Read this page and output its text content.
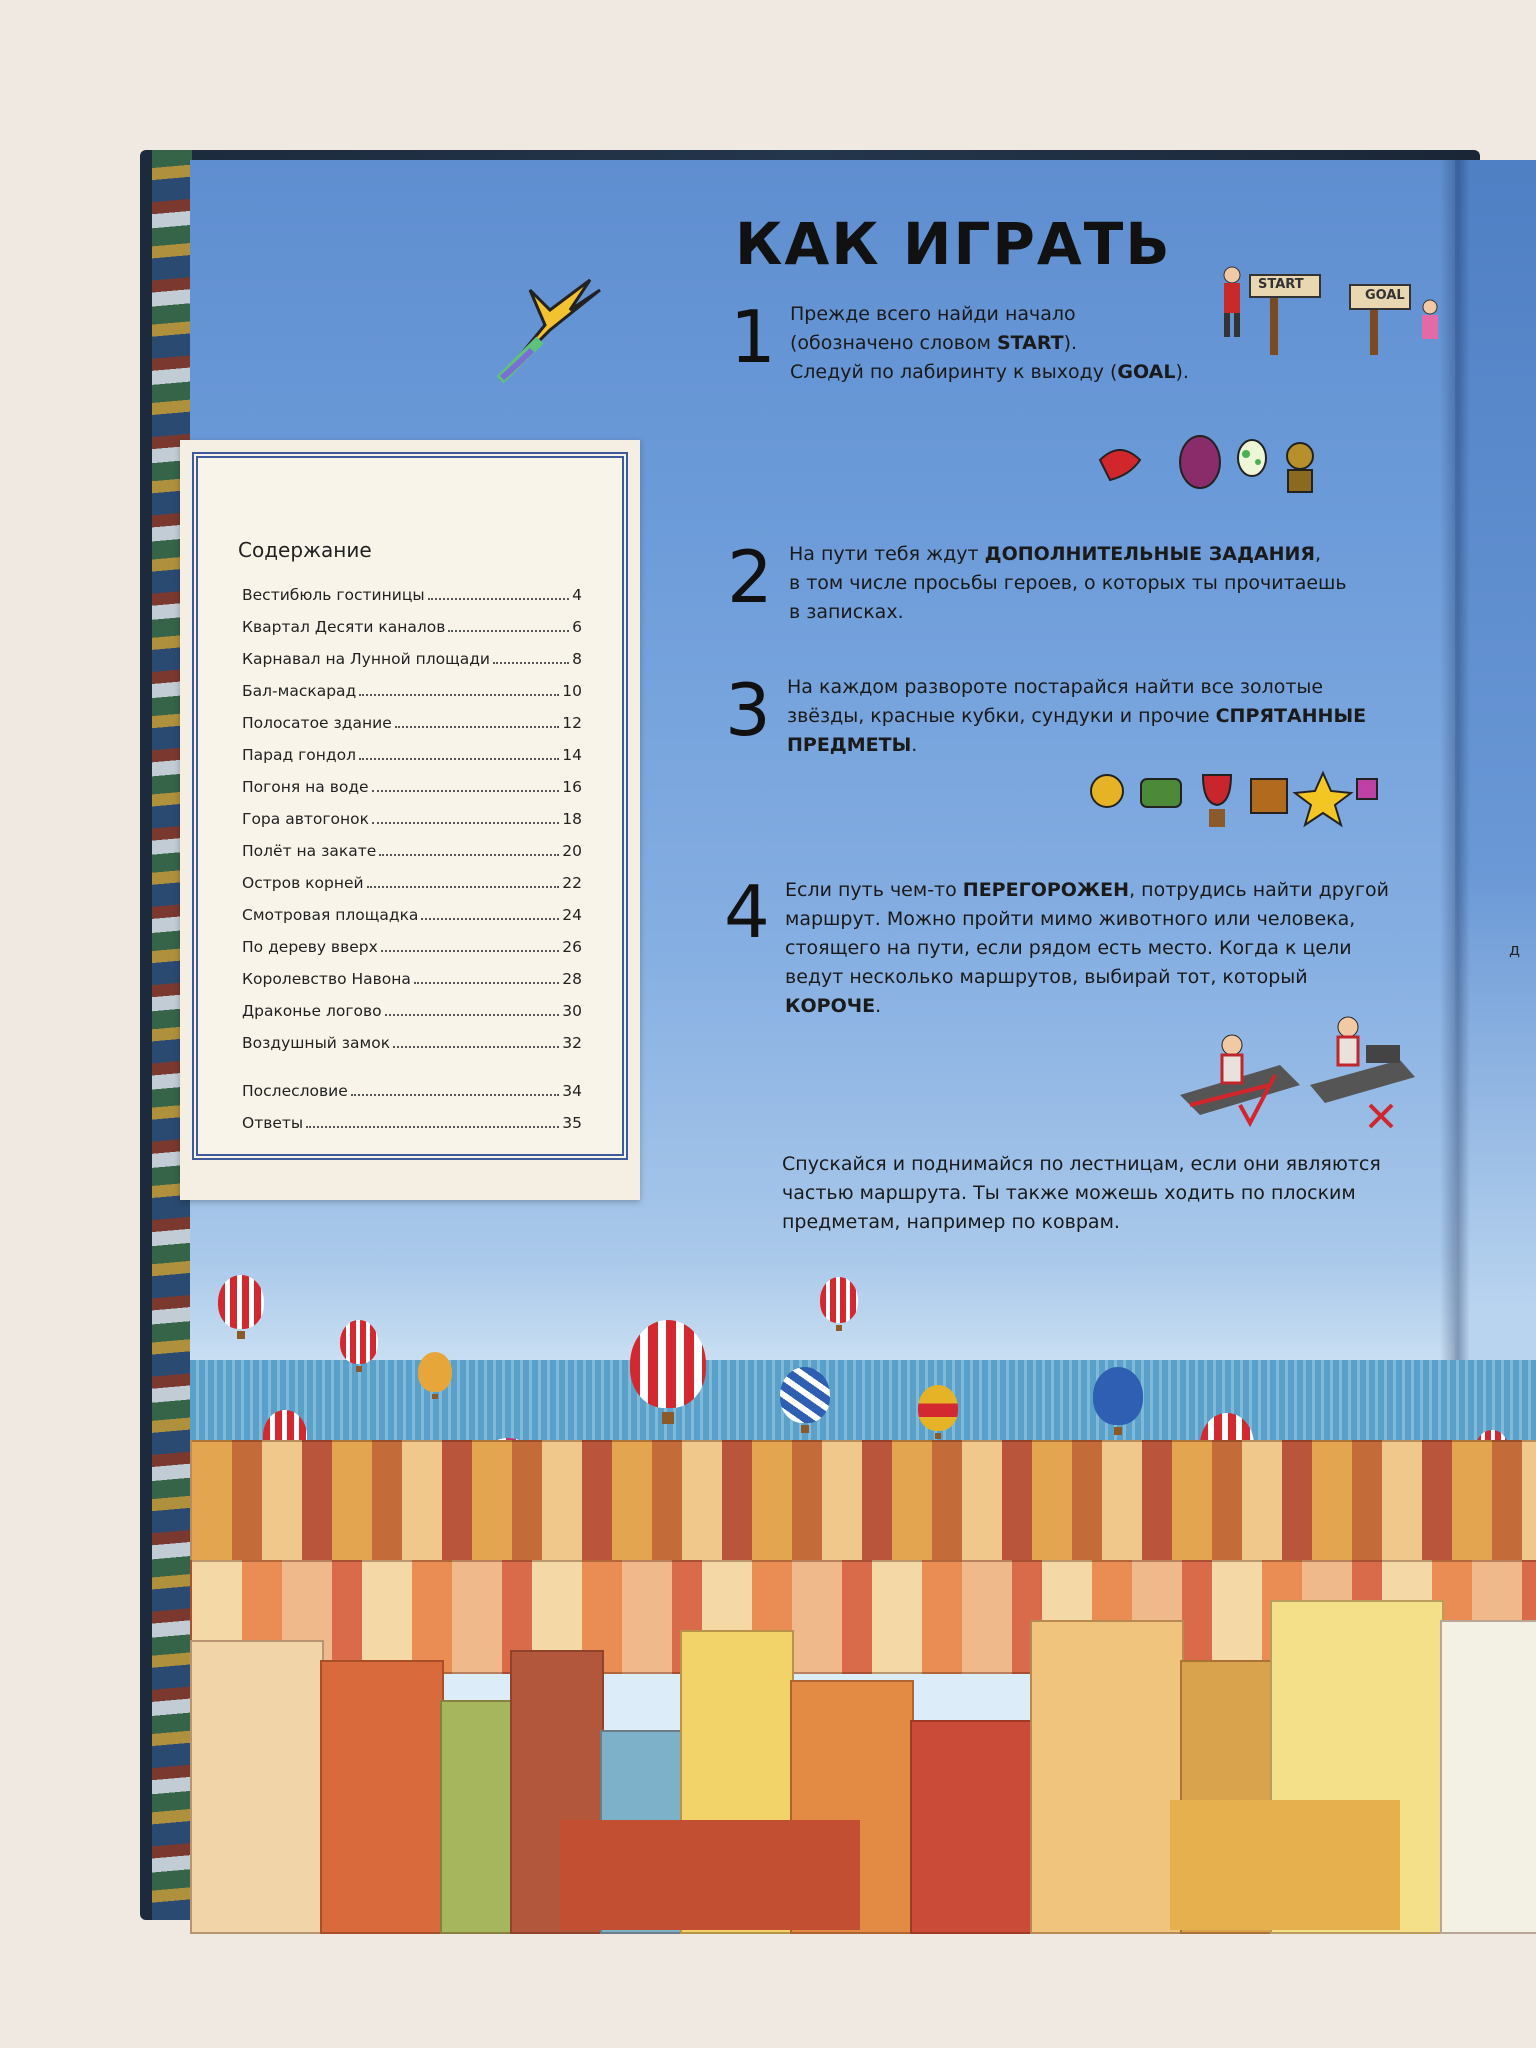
д
КАК ИГРАТЬ
START
GOAL
1 Прежде всего найди начало
(обозначено словом START).
Следуй по лабиринту к выходу (GOAL).
2 На пути тебя ждут ДОПОЛНИТЕЛЬНЫЕ ЗАДАНИЯ,
в том числе просьбы героев, о которых ты прочитаешь
в записках.
3 На каждом развороте постарайся найти все золотые
звёзды, красные кубки, сундуки и прочие СПРЯТАННЫЕ
ПРЕДМЕТЫ.
4 Если путь чем-то ПЕРЕГОРОЖЕН, потрудись найти другой
маршрут. Можно пройти мимо животного или человека,
стоящего на пути, если рядом есть место. Когда к цели
ведут несколько маршрутов, выбирай тот, который
КОРОЧЕ.
Спускайся и поднимайся по лестницам, если они являются
частью маршрута. Ты также можешь ходить по плоским
предметам, например по коврам.
Содержание
Вестибюль гостиницы	4
Квартал Десяти каналов	6
Карнавал на Лунной площади	8
Бал-маскарад	10
Полосатое здание	12
Парад гондол	14
Погоня на воде	16
Гора автогонок	18
Полёт на закате	20
Остров корней	22
Смотровая площадка	24
По дереву вверх	26
Королевство Навона	28
Драконье логово	30
Воздушный замок	32
Послесловие	34
Ответы	35
